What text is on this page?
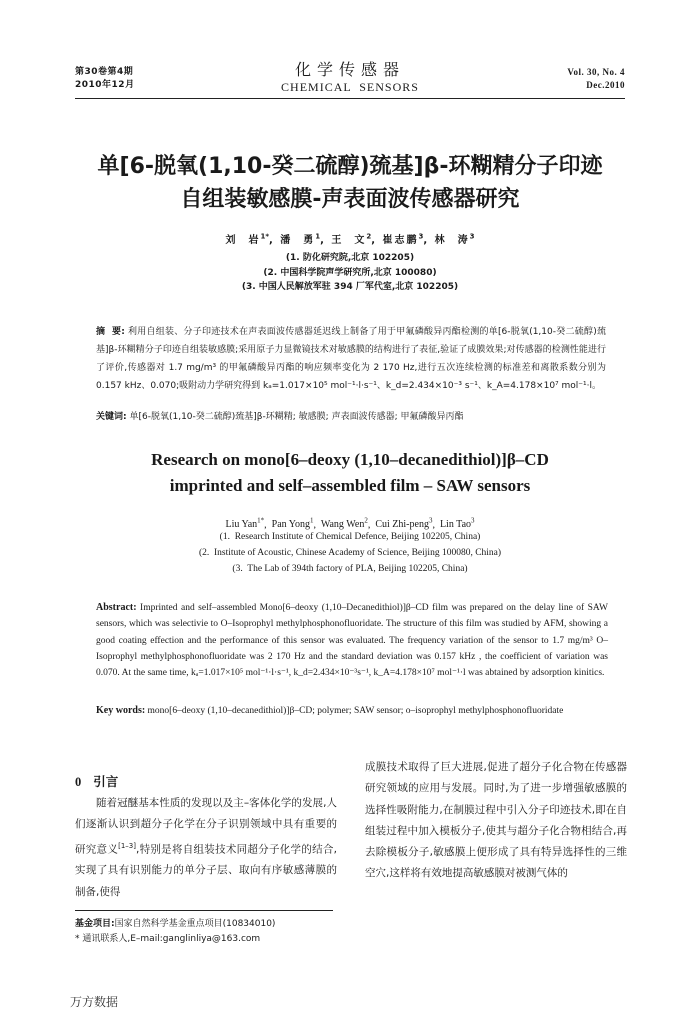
第30卷第4期
2010年12月
化学传感器
CHEMICAL  SENSORS
Vol. 30, No. 4
Dec.2010
单[6-脱氧(1,10-癸二硫醇)巯基]β-环糊精分子印迹
自组装敏感膜-声表面波传感器研究
刘  岩$^{1*}$, 潘  勇$^1$, 王  文$^2$, 崔志鹏$^3$, 林  涛$^3$
(1. 防化研究院,北京 102205)
(2. 中国科学院声学研究所,北京 100080)
(3. 中国人民解放军驻 394 厂军代室,北京 102205)
摘  要: 利用自组装、分子印迹技术在声表面波传感器延迟线上制备了用于甲氟磷酸异丙酯检测的单[6-脱氧(1,10-癸二硫醇)巯基]β-环糊精分子印迹自组装敏感膜;采用原子力显微镜技术对敏感膜的结构进行了表征,验证了成膜效果;对传感器的检测性能进行了评价,传感器对 1.7 mg/m³ 的甲氟磷酸异丙酯的响应频率变化为 2 170 Hz,进行五次连续检测的标准差和离散系数分别为 0.157 kHz、0.070;吸附动力学研究得到 kₐ=1.017×10⁵ mol⁻¹·l·s⁻¹、k_d=2.434×10⁻³ s⁻¹、k_A=4.178×10⁷ mol⁻¹·l。
关键词: 单[6-脱氧(1,10-癸二硫醇)巯基]β-环糊精; 敏感膜; 声表面波传感器; 甲氟磷酸异丙酯
Research on mono[6–deoxy (1,10–decanedithiol)]β–CD
imprinted and self–assembled film – SAW sensors
Liu Yan$^{1*}$,  Pan Yong$^1$,  Wang Wen$^2$,  Cui Zhi-peng$^3$,  Lin Tao$^3$
(1.  Research Institute of Chemical Defence, Beijing 102205, China)
(2.  Institute of Acoustic, Chinese Academy of Science, Beijing 100080, China)
(3.  The Lab of 394th factory of PLA, Beijing 102205, China)
Abstract: Imprinted and self–assembled Mono[6–deoxy (1,10–Decanedithiol)]β–CD film was prepared on the delay line of SAW sensors, which was selectivie to O–Isoprophyl methylphosphonofluoridate. The structure of this film was studied by AFM, showing a good coating effection and the performance of this sensor was evaluated. The frequency variation of the sensor to 1.7 mg/m³ O–Isoprophyl methylphosphonofluoridate was 2 170 Hz and the standard deviation was 0.157 kHz , the coefficient of variation was 0.070. At the same time, kₐ=1.017×10⁵ mol⁻¹·l·s⁻¹, k_d=2.434×10⁻³s⁻¹, k_A=4.178×10⁷ mol⁻¹·l was abtained by adsorption kinitics.
Key words: mono[6–deoxy (1,10–decanedithiol)]β–CD; polymer; SAW sensor; o–isoprophyl methylphosphonofluoridate
0 引言

随着冠醚基本性质的发现以及主–客体化学的发展,人们逐渐认识到超分子化学在分子识别领域中具有重要的研究意义[1–3],特别是将自组装技术同超分子化学的结合,实现了具有识别能力的单分子层、取向有序敏感薄膜的制备,使得

成膜技术取得了巨大进展,促进了超分子化合物在传感器研究领域的应用与发展。同时,为了进一步增强敏感膜的选择性吸附能力,在制膜过程中引入分子印迹技术,即在自组装过程中加入模板分子,使其与超分子化合物相结合,再去除模板分子,敏感膜上便形成了具有特异选择性的三维空穴,这样将有效地提高敏感膜对被测气体的

基金项目:国家自然科学基金重点项目(10834010)
* 通讯联系人,E–mail:ganglinliya@163.com
万方数据
